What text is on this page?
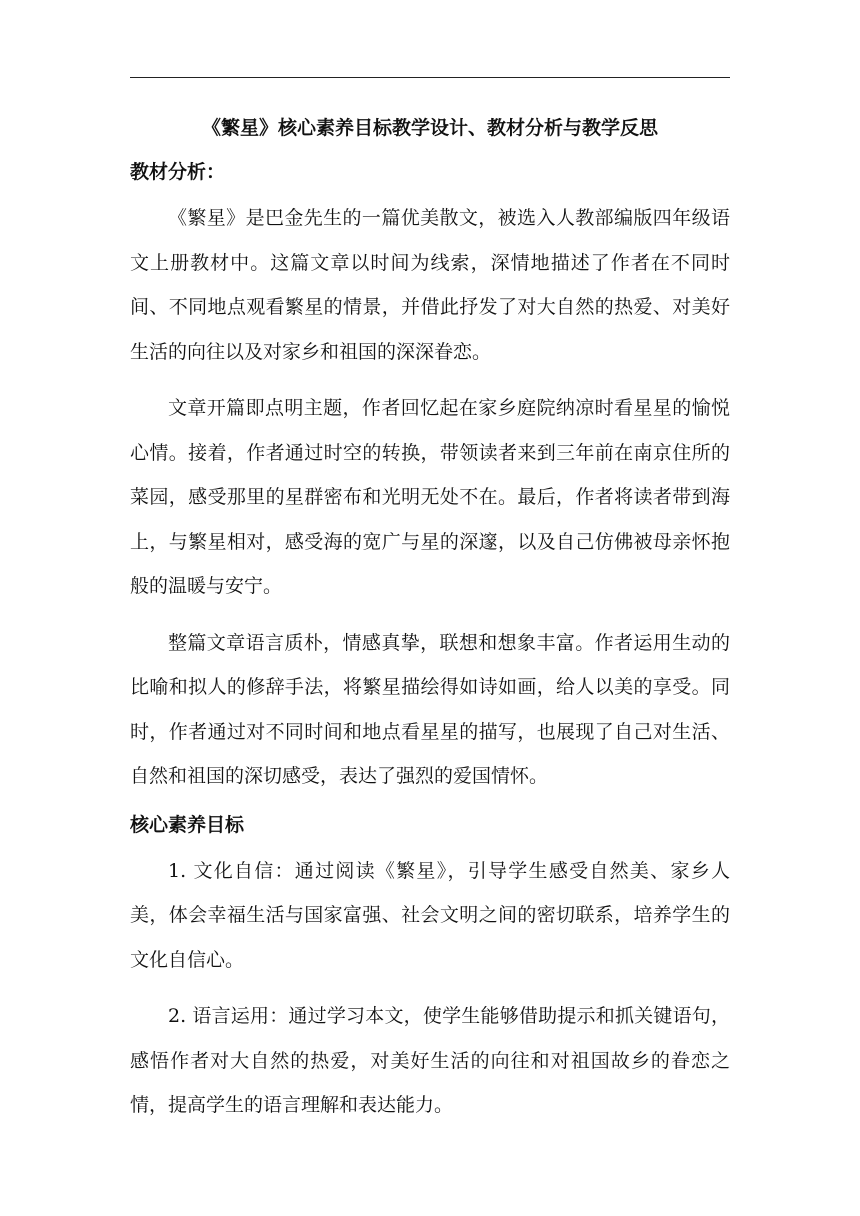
《繁星》核心素养目标教学设计、教材分析与教学反思
教材分析：

《繁星》是巴金先生的一篇优美散文，被选入人教部编版四年级语文上册教材中。这篇文章以时间为线索，深情地描述了作者在不同时间、不同地点观看繁星的情景，并借此抒发了对大自然的热爱、对美好生活的向往以及对家乡和祖国的深深眷恋。

文章开篇即点明主题，作者回忆起在家乡庭院纳凉时看星星的愉悦心情。接着，作者通过时空的转换，带领读者来到三年前在南京住所的菜园，感受那里的星群密布和光明无处不在。最后，作者将读者带到海上，与繁星相对，感受海的宽广与星的深邃，以及自己仿佛被母亲怀抱般的温暖与安宁。

整篇文章语言质朴，情感真挚，联想和想象丰富。作者运用生动的比喻和拟人的修辞手法，将繁星描绘得如诗如画，给人以美的享受。同时，作者通过对不同时间和地点看星星的描写，也展现了自己对生活、自然和祖国的深切感受，表达了强烈的爱国情怀。

核心素养目标

1. 文化自信：通过阅读《繁星》，引导学生感受自然美、家乡人美，体会幸福生活与国家富强、社会文明之间的密切联系，培养学生的文化自信心。

2. 语言运用：通过学习本文，使学生能够借助提示和抓关键语句，感悟作者对大自然的热爱，对美好生活的向往和对祖国故乡的眷恋之情，提高学生的语言理解和表达能力。
